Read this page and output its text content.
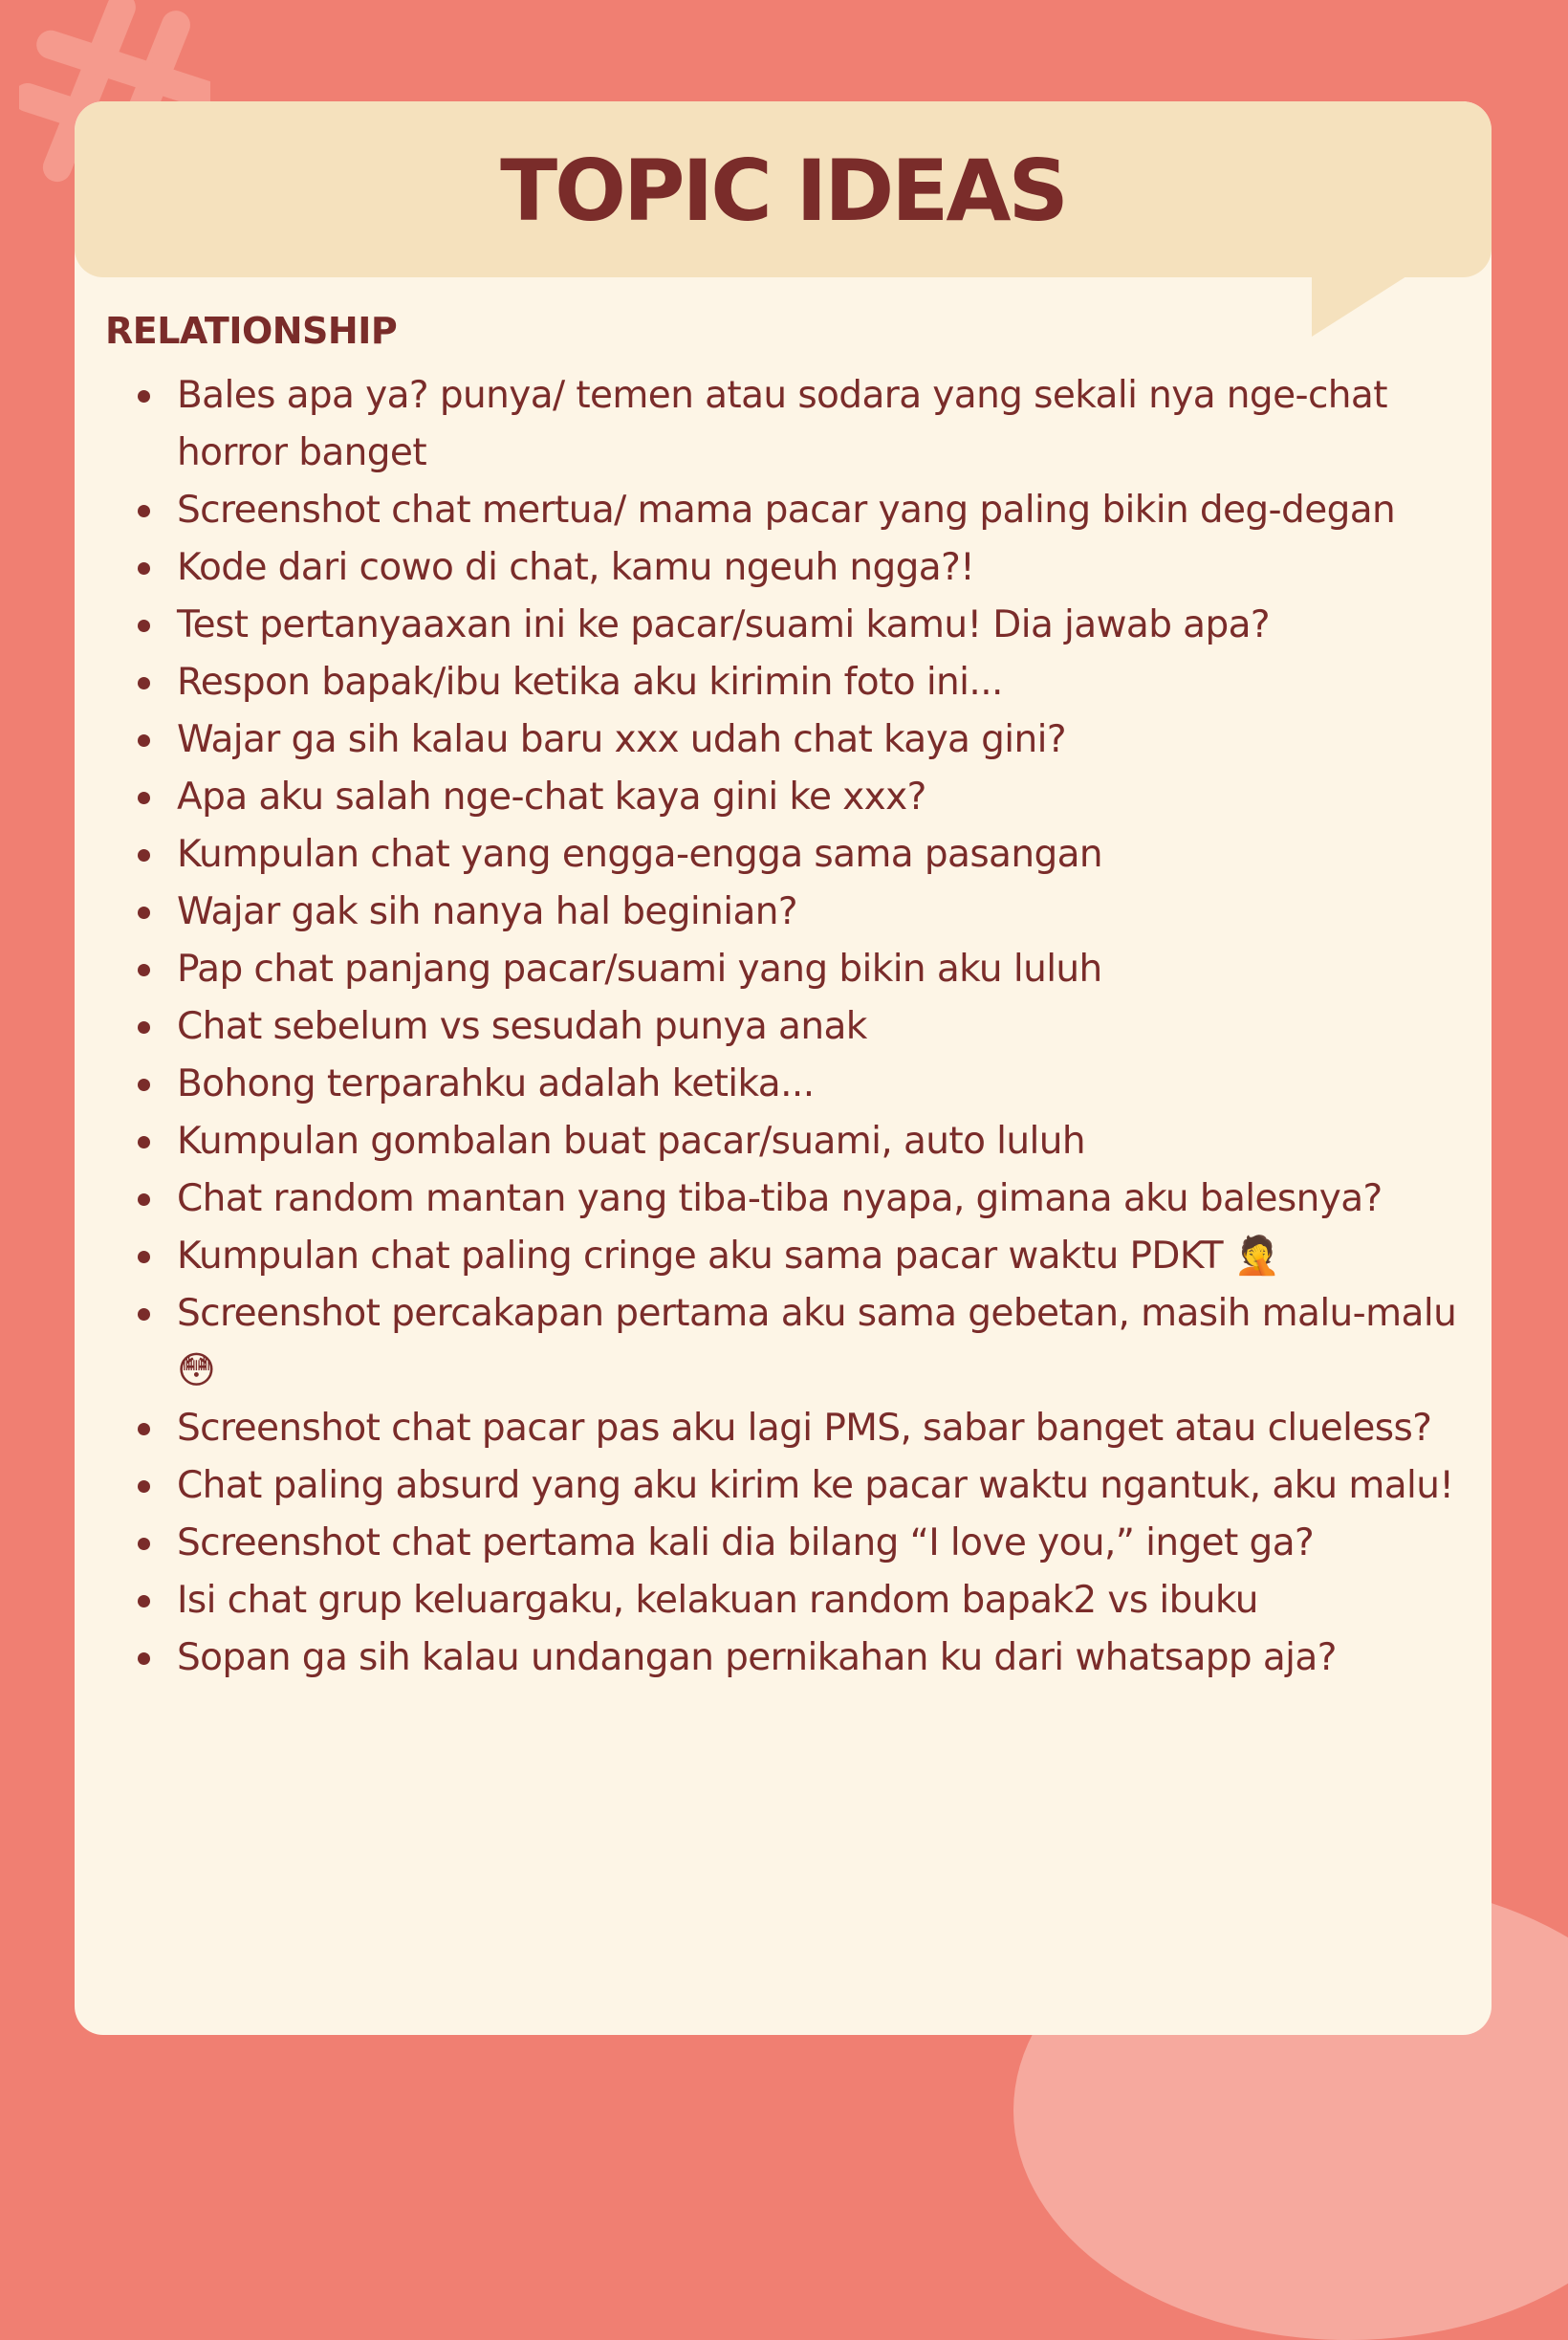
TOPIC IDEAS
RELATIONSHIP
Bales apa ya? punya/ temen atau sodara yang sekali nya nge-chat horror banget
Screenshot chat mertua/ mama pacar yang paling bikin deg-degan
Kode dari cowo di chat, kamu ngeuh ngga?!
Test pertanyaaxan ini ke pacar/suami kamu! Dia jawab apa?
Respon bapak/ibu ketika aku kirimin foto ini...
Wajar ga sih kalau baru xxx udah chat kaya gini?
Apa aku salah nge-chat kaya gini ke xxx?
Kumpulan chat yang engga-engga sama pasangan
Wajar gak sih nanya hal beginian?
Pap chat panjang pacar/suami yang bikin aku luluh
Chat sebelum vs sesudah punya anak
Bohong terparahku adalah ketika...
Kumpulan gombalan buat pacar/suami, auto luluh
Chat random mantan yang tiba-tiba nyapa, gimana aku balesnya?
Kumpulan chat paling cringe aku sama pacar waktu PDKT 🤦
Screenshot percakapan pertama aku sama gebetan, masih malu-malu 😳
Screenshot chat pacar pas aku lagi PMS, sabar banget atau clueless?
Chat paling absurd yang aku kirim ke pacar waktu ngantuk, aku malu!
Screenshot chat pertama kali dia bilang “I love you,” inget ga?
Isi chat grup keluargaku, kelakuan random bapak2 vs ibuku
Sopan ga sih kalau undangan pernikahan ku dari whatsapp aja?
